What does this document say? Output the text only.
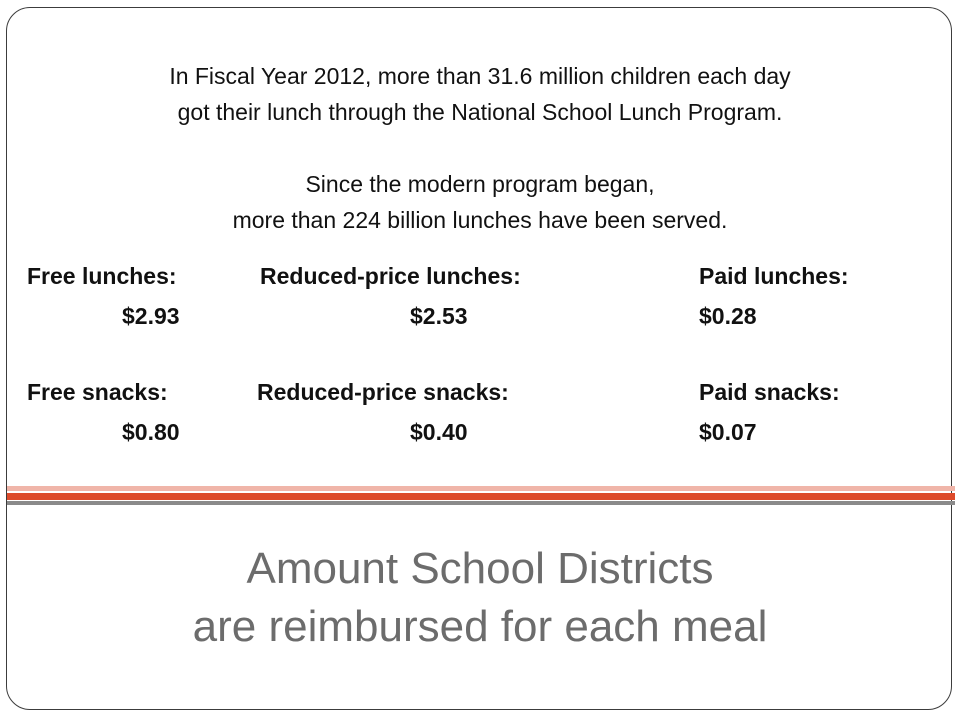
In Fiscal Year 2012, more than 31.6 million children each day
got their lunch through the National School Lunch Program.
Since the modern program began,
more than 224 billion lunches have been served.
Free lunches:
$2.93
Reduced-price lunches:
$2.53
Paid lunches:
$0.28
Free snacks:
$0.80
Reduced-price snacks:
$0.40
Paid snacks:
$0.07
Amount School Districts
are reimbursed for each meal
